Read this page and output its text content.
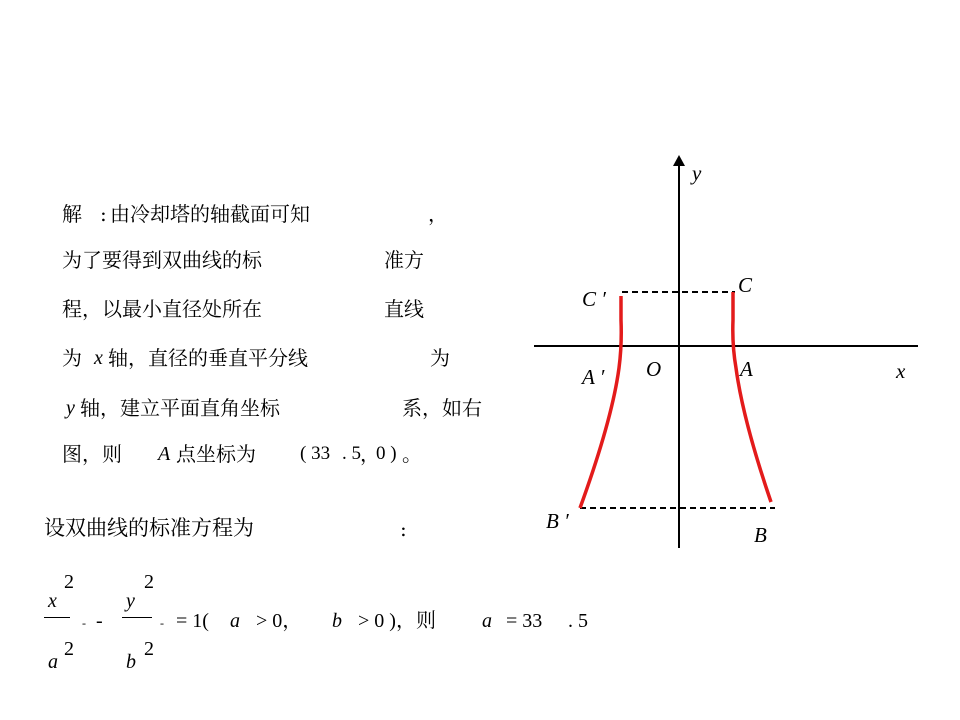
解 : 由冷却塔的轴截面可知	，
为了要得到双曲线的标	准方
程，以最小直径处所在	直线
为 x 轴，直径的垂直平分线	为
y 轴，建立平面直角坐标	系，如右
图，则 A 点坐标为 ( 33 . 5 ，
0 ) 。
设双曲线的标准方程为	:
x
2
a
2
- -
y
2
b
2
- = 1( a > 0， b > 0 )，则 a = 33 . 5
y
x
O	A
A ′
C
C ′
B
B ′
